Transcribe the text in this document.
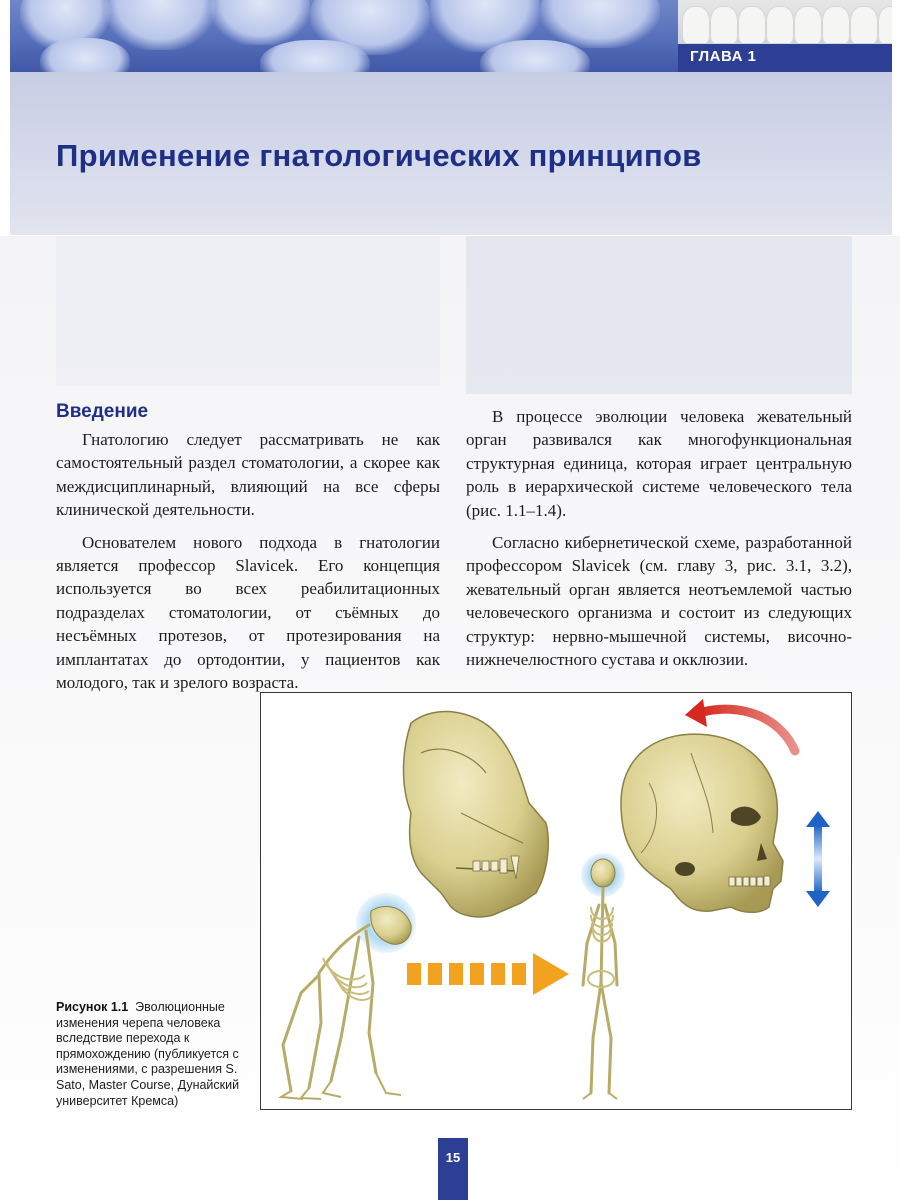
ГЛАВА 1
Применение гнатологических принципов
Введение

Гнатологию следует рассматривать не как самостоятельный раздел стоматологии, а скорее как междисциплинарный, влияющий на все сферы клинической деятельности.

Основателем нового подхода в гнатологии является профессор Slavicek. Его концепция используется во всех реабилитационных подразделах стоматологии, от съёмных до несъёмных протезов, от протезирования на имплантатах до ортодонтии, у пациентов как молодого, так и зрелого возраста.

В процессе эволюции человека жевательный орган развивался как многофункциональная структурная единица, которая играет центральную роль в иерархической системе человеческого тела (рис. 1.1–1.4).

Согласно кибернетической схеме, разработанной профессором Slavicek (см. главу 3, рис. 3.1, 3.2), жевательный орган является неотъемлемой частью человеческого организма и состоит из следующих структур: нервно-мышечной системы, височно-нижнечелюстного сустава и окклюзии.

Рисунок 1.1 Эволюционные изменения черепа человека вследствие перехода к прямохождению (публикуется с изменениями, с разрешения S. Sato, Master Course, Дунайский университет Кремса)
15
